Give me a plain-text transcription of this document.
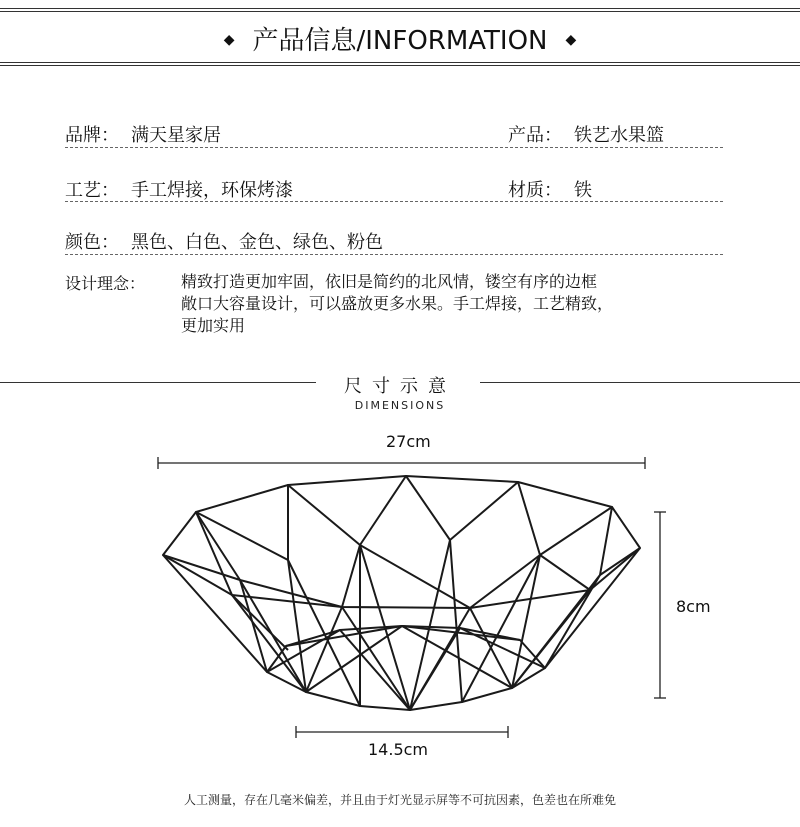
◆ 产品信息/INFORMATION ◆
品牌： 满天星家居	产品： 铁艺水果篮
工艺： 手工焊接，环保烤漆	材质： 铁
颜色： 黑色、白色、金色、绿色、粉色
设计理念： 精致打造更加牢固，依旧是简约的北风情，镂空有序的边框
敞口大容量设计，可以盛放更多水果。手工焊接，工艺精致，
更加实用
尺寸示意
DIMENSIONS
27cm
8cm
14.5cm
人工测量，存在几毫米偏差，并且由于灯光显示屏等不可抗因素，色差也在所难免
